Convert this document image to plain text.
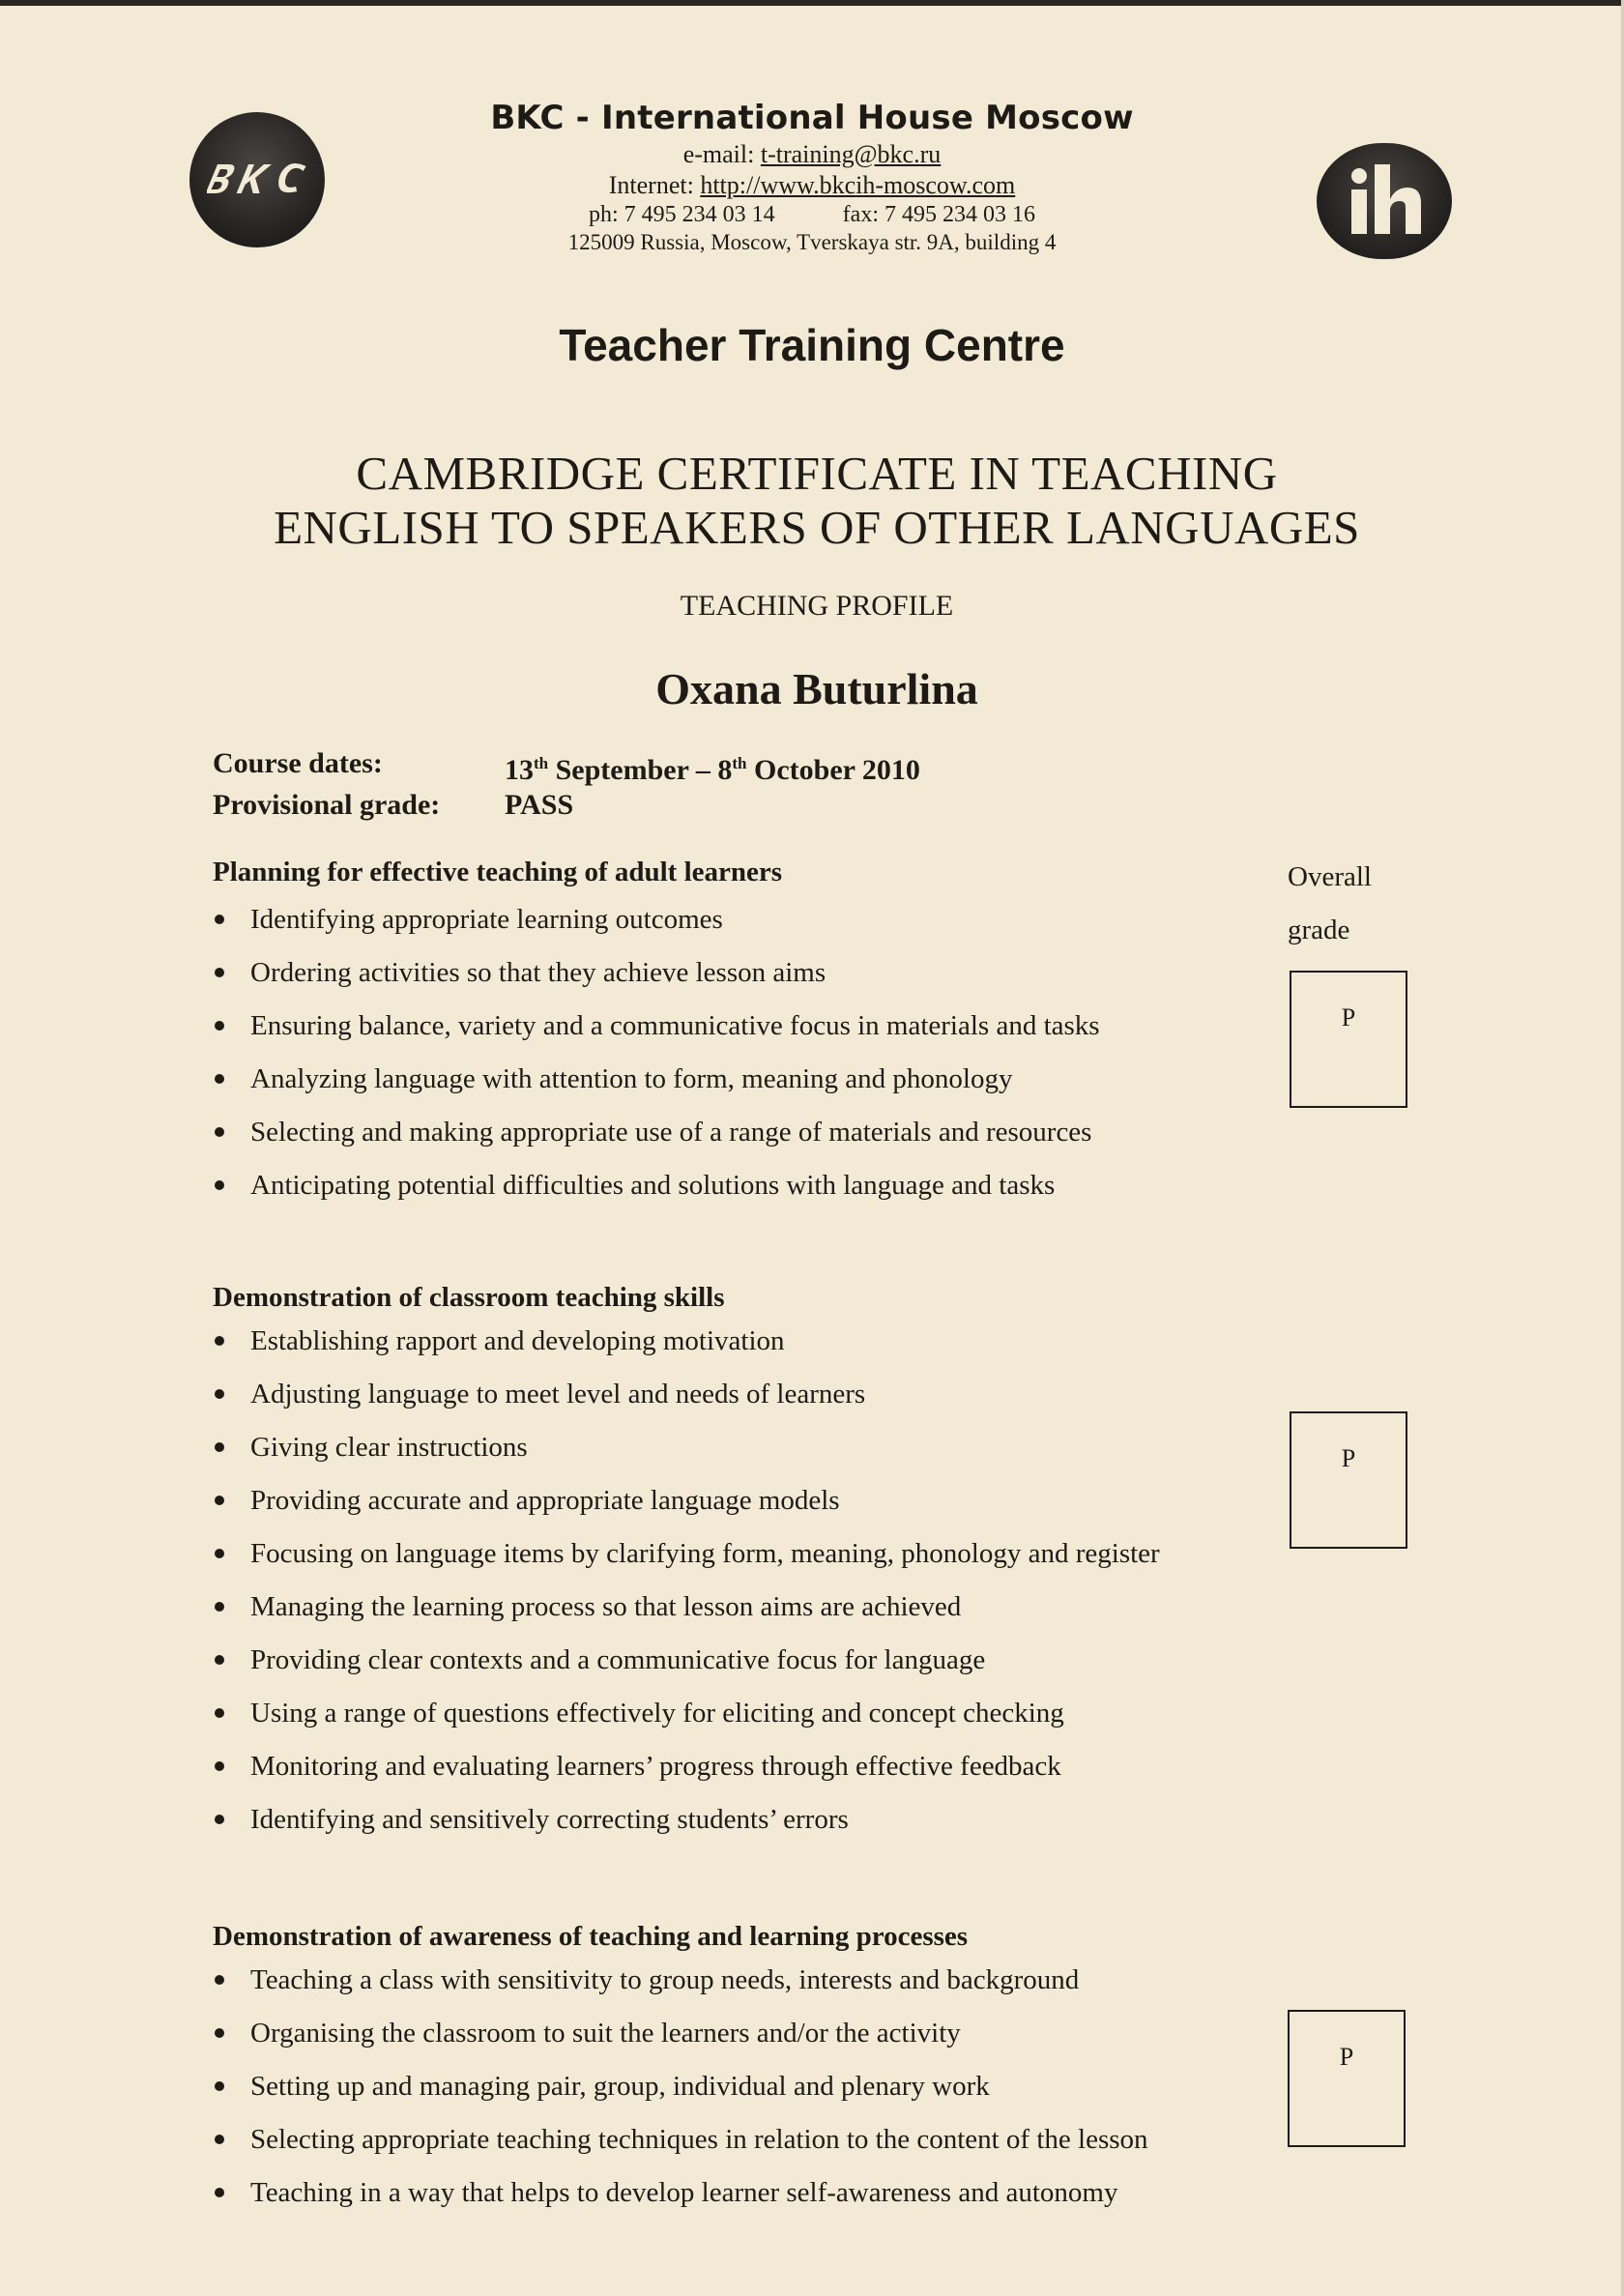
BKC - International House Moscow
e-mail: t-training@bkc.ru
Internet: http://www.bkcih-moscow.com
ph: 7 495 234 03 14	fax: 7 495 234 03 16
125009 Russia, Moscow, Tverskaya str. 9A, building 4
Teacher Training Centre
CAMBRIDGE CERTIFICATE IN TEACHING
ENGLISH TO SPEAKERS OF OTHER LANGUAGES
TEACHING PROFILE
Oxana Buturlina
Course dates:	13th September – 8th October 2010
Provisional grade:	PASS
Overall
grade
P
P
P
Planning for effective teaching of adult learners
Identifying appropriate learning outcomes
Ordering activities so that they achieve lesson aims
Ensuring balance, variety and a communicative focus in materials and tasks
Analyzing language with attention to form, meaning and phonology
Selecting and making appropriate use of a range of materials and resources
Anticipating potential difficulties and solutions with language and tasks
Demonstration of classroom teaching skills
Establishing rapport and developing motivation
Adjusting language to meet level and needs of learners
Giving clear instructions
Providing accurate and appropriate language models
Focusing on language items by clarifying form, meaning, phonology and register
Managing the learning process so that lesson aims are achieved
Providing clear contexts and a communicative focus for language
Using a range of questions effectively for eliciting and concept checking
Monitoring and evaluating learners’ progress through effective feedback
Identifying and sensitively correcting students’ errors
Demonstration of awareness of teaching and learning processes
Teaching a class with sensitivity to group needs, interests and background
Organising the classroom to suit the learners and/or the activity
Setting up and managing pair, group, individual and plenary work
Selecting appropriate teaching techniques in relation to the content of the lesson
Teaching in a way that helps to develop learner self-awareness and autonomy
